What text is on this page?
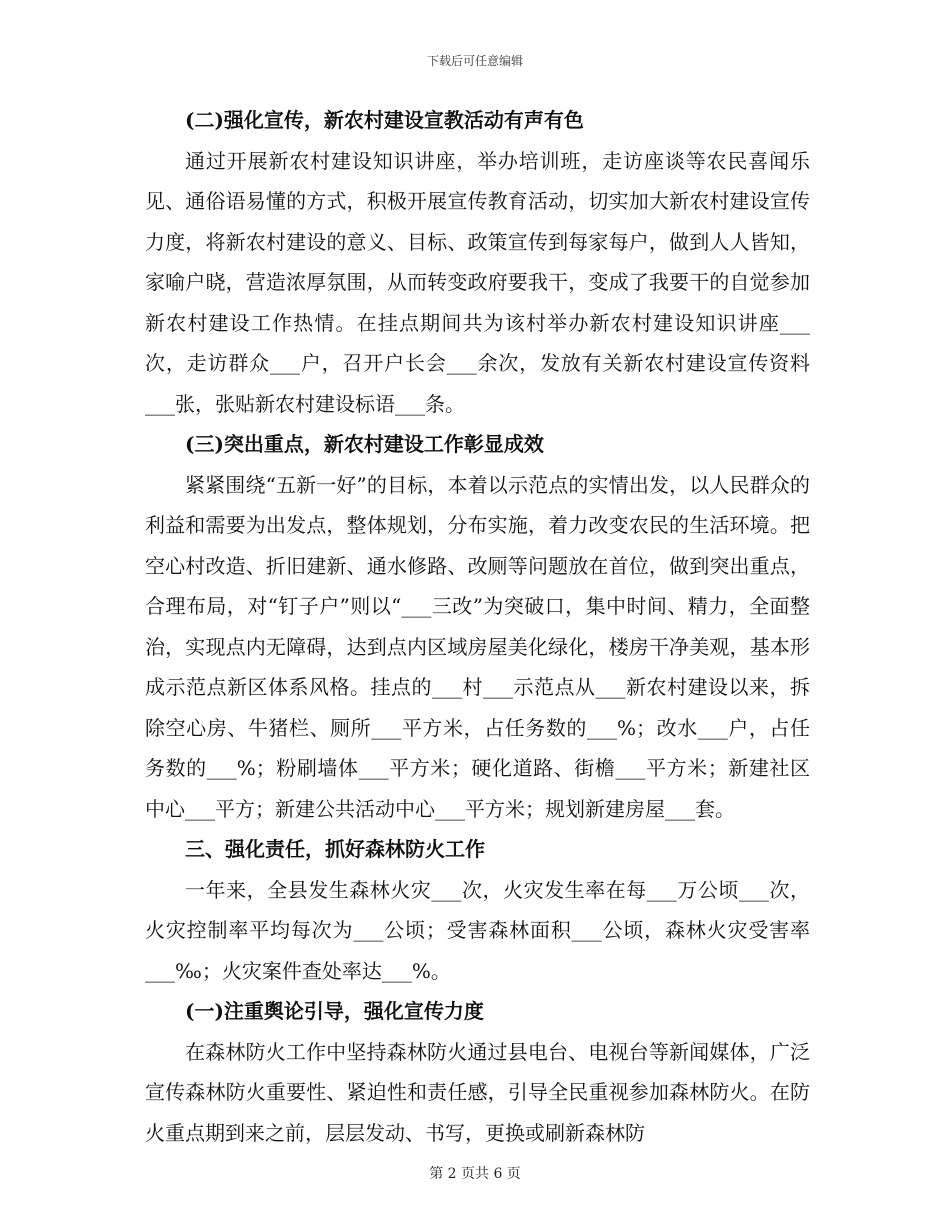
下载后可任意编辑

(二)强化宣传，新农村建设宣教活动有声有色

通过开展新农村建设知识讲座，举办培训班，走访座谈等农民喜闻乐见、通俗语易懂的方式，积极开展宣传教育活动，切实加大新农村建设宣传力度，将新农村建设的意义、目标、政策宣传到每家每户，做到人人皆知，家喻户晓，营造浓厚氛围，从而转变政府要我干，变成了我要干的自觉参加新农村建设工作热情。在挂点期间共为该村举办新农村建设知识讲座___次，走访群众___户，召开户长会___余次，发放有关新农村建设宣传资料___张，张贴新农村建设标语___条。

(三)突出重点，新农村建设工作彰显成效

紧紧围绕“五新一好”的目标，本着以示范点的实情出发，以人民群众的利益和需要为出发点，整体规划，分布实施，着力改变农民的生活环境。把空心村改造、折旧建新、通水修路、改厕等问题放在首位，做到突出重点，合理布局，对“钉子户”则以“___三改”为突破口，集中时间、精力，全面整治，实现点内无障碍，达到点内区域房屋美化绿化，楼房干净美观，基本形成示范点新区体系风格。挂点的___村___示范点从___新农村建设以来，拆除空心房、牛猪栏、厕所___平方米，占任务数的___%；改水___户，占任务数的___%；粉刷墙体___平方米；硬化道路、街檐___平方米；新建社区中心___平方；新建公共活动中心___平方米；规划新建房屋___套。

三、强化责任，抓好森林防火工作

一年来，全县发生森林火灾___次，火灾发生率在每___万公顷___次，火灾控制率平均每次为___公顷；受害森林面积___公顷，森林火灾受害率___‰；火灾案件查处率达___%。

(一)注重舆论引导，强化宣传力度

在森林防火工作中坚持森林防火通过县电台、电视台等新闻媒体，广泛宣传森林防火重要性、紧迫性和责任感，引导全民重视参加森林防火。在防火重点期到来之前，层层发动、书写，更换或刷新森林防

第 2 页共 6 页
